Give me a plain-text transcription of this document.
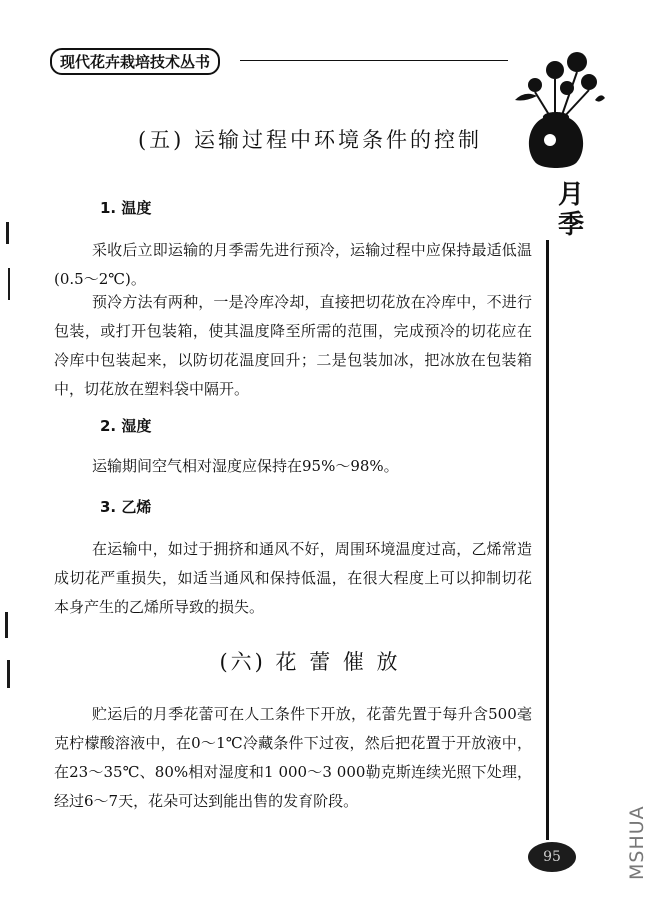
现代花卉栽培技术丛书
月季
(五) 运输过程中环境条件的控制
1. 温度

采收后立即运输的月季需先进行预冷，运输过程中应保持最适低温(0.5～2℃)。

预冷方法有两种，一是冷库冷却，直接把切花放在冷库中，不进行包装，或打开包装箱，使其温度降至所需的范围，完成预冷的切花应在冷库中包装起来，以防切花温度回升；二是包装加冰，把冰放在包装箱中，切花放在塑料袋中隔开。

2. 湿度

运输期间空气相对湿度应保持在95%～98%。

3. 乙烯

在运输中，如过于拥挤和通风不好，周围环境温度过高，乙烯常造成切花严重损失，如适当通风和保持低温，在很大程度上可以抑制切花本身产生的乙烯所导致的损失。

(六) 花 蕾 催 放

贮运后的月季花蕾可在人工条件下开放，花蕾先置于每升含500毫克柠檬酸溶液中，在0～1℃冷藏条件下过夜，然后把花置于开放液中，在23～35℃、80%相对湿度和1 000～3 000勒克斯连续光照下处理，经过6～7天，花朵可达到能出售的发育阶段。

95	MSHUA
